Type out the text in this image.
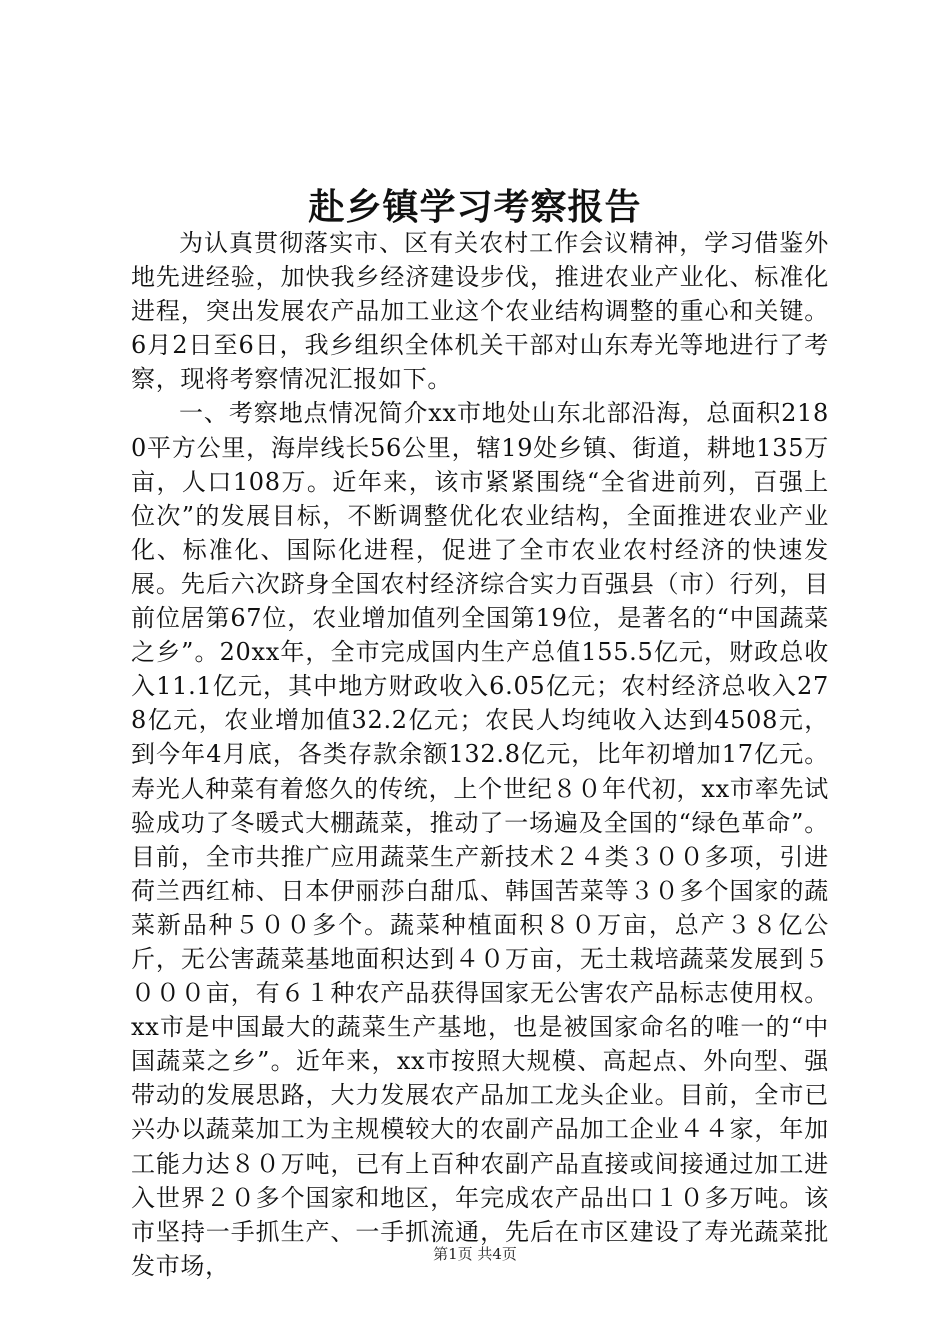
赴乡镇学习考察报告

为认真贯彻落实市、区有关农村工作会议精神，学习借鉴外地先进经验，加快我乡经济建设步伐，推进农业产业化、标准化进程，突出发展农产品加工业这个农业结构调整的重心和关键。6月2日至6日，我乡组织全体机关干部对山东寿光等地进行了考察，现将考察情况汇报如下。

一、考察地点情况简介xx市地处山东北部沿海，总面积2180平方公里，海岸线长56公里，辖19处乡镇、街道，耕地135万亩，人口108万。近年来，该市紧紧围绕“全省进前列，百强上位次”的发展目标，不断调整优化农业结构，全面推进农业产业化、标准化、国际化进程，促进了全市农业农村经济的快速发展。先后六次跻身全国农村经济综合实力百强县（市）行列，目前位居第67位，农业增加值列全国第19位，是著名的“中国蔬菜之乡”。20xx年，全市完成国内生产总值155.5亿元，财政总收入11.1亿元，其中地方财政收入6.05亿元；农村经济总收入278亿元，农业增加值32.2亿元；农民人均纯收入达到4508元，到今年4月底，各类存款余额132.8亿元，比年初增加17亿元。寿光人种菜有着悠久的传统，上个世纪８０年代初，xx市率先试验成功了冬暖式大棚蔬菜，推动了一场遍及全国的“绿色革命”。目前，全市共推广应用蔬菜生产新技术２４类３００多项，引进荷兰西红柿、日本伊丽莎白甜瓜、韩国苦菜等３０多个国家的蔬菜新品种５００多个。蔬菜种植面积８０万亩，总产３８亿公斤，无公害蔬菜基地面积达到４０万亩，无土栽培蔬菜发展到５０００亩，有６１种农产品获得国家无公害农产品标志使用权。xx市是中国最大的蔬菜生产基地，也是被国家命名的唯一的“中国蔬菜之乡”。近年来，xx市按照大规模、高起点、外向型、强带动的发展思路，大力发展农产品加工龙头企业。目前，全市已兴办以蔬菜加工为主规模较大的农副产品加工企业４４家，年加工能力达８０万吨，已有上百种农副产品直接或间接通过加工进入世界２０多个国家和地区，年完成农产品出口１０多万吨。该市坚持一手抓生产、一手抓流通，先后在市区建设了寿光蔬菜批发市场，	第1页 共4页
